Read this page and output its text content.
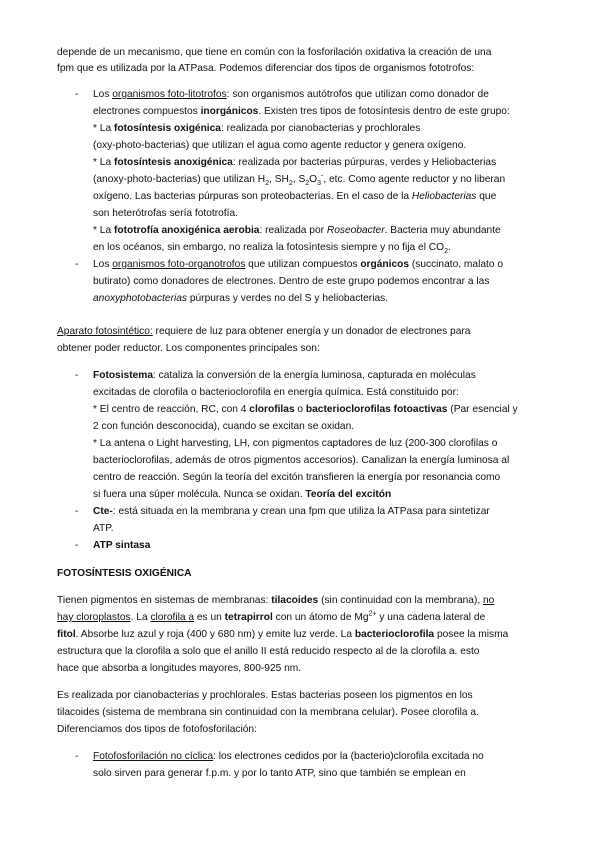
depende de un mecanismo, que tiene en común con la fosforilación oxidativa la creación de una
fpm que es utilizada por la ATPasa. Podemos diferenciar dos tipos de organismos fototrofos:
- Los organismos foto-litotrofos: son organismos autótrofos que utilizan como donador de
electrones compuestos inorgánicos. Existen tres tipos de fotosíntesis dentro de este grupo:
* La fotosíntesis oxigénica: realizada por cianobacterias y prochlorales
(oxy-photo-bacterias) que utilizan el agua como agente reductor y genera oxígeno.
* La fotosíntesis anoxigénica: realizada por bacterias púrpuras, verdes y Heliobacterias
(anoxy-photo-bacterias) que utilizan $H_2$, $SH_2$, $S_2O_3^-$, etc. Como agente reductor y no liberan
oxígeno. Las bacterias púrpuras son proteobacterias. En el caso de la Heliobacterias que
son heterótrofas sería fototrofía.
* La fototrofía anoxigénica aerobia: realizada por Roseobacter. Bacteria muy abundante
en los océanos, sin embargo, no realiza la fotosíntesis siempre y no fija el $CO_2$.
- Los organismos foto-organotrofos que utilizan compuestos orgánicos (succinato, malato o
butirato) como donadores de electrones. Dentro de este grupo podemos encontrar a las
anoxyphotobacterias púrpuras y verdes no del S y heliobacterias.
Aparato fotosintético: requiere de luz para obtener energía y un donador de electrones para
obtener poder reductor. Los componentes principales son:
- Fotosistema: cataliza la conversión de la energía luminosa, capturada en moléculas
excitadas de clorofila o bacterioclorofila en energía química. Está constituido por:
* El centro de reacción, RC, con 4 clorofilas o bacterioclorofilas fotoactivas (Par esencial y
2 con función desconocida), cuando se excitan se oxidan.
* La antena o Light harvesting, LH, con pigmentos captadores de luz (200-300 clorofilas o
bacterioclorofilas, además de otros pigmentos accesorios). Canalizan la energía luminosa al
centro de reacción. Según la teoría del excitón transfieren la energía por resonancia como
si fuera una súper molécula. Nunca se oxidan. Teoría del excitón
- Cte-: está situada en la membrana y crean una fpm que utiliza la ATPasa para sintetizar
ATP.
- ATP sintasa
FOTOSÍNTESIS OXIGÉNICA
Tienen pigmentos en sistemas de membranas: tilacoides (sin continuidad con la membrana), no
hay cloroplastos. La clorofila a es un tetrapirrol con un átomo de $Mg^{2+}$ y una cadena lateral de
fitol. Absorbe luz azul y roja (400 y 680 nm) y emite luz verde. La bacterioclorofila posee la misma
estructura que la clorofila a solo que el anillo II está reducido respecto al de la clorofila a. esto
hace que absorba a longitudes mayores, 800-925 nm.
Es realizada por cianobacterias y prochlorales. Estas bacterias poseen los pigmentos en los
tilacoides (sistema de membrana sin continuidad con la membrana celular). Posee clorofila a.
Diferenciamos dos tipos de fotofosforilación:
- Fotofosforilación no cíclica: los electrones cedidos por la (bacterio)clorofila excitada no
solo sirven para generar f.p.m. y por lo tanto ATP, sino que también se emplean en
